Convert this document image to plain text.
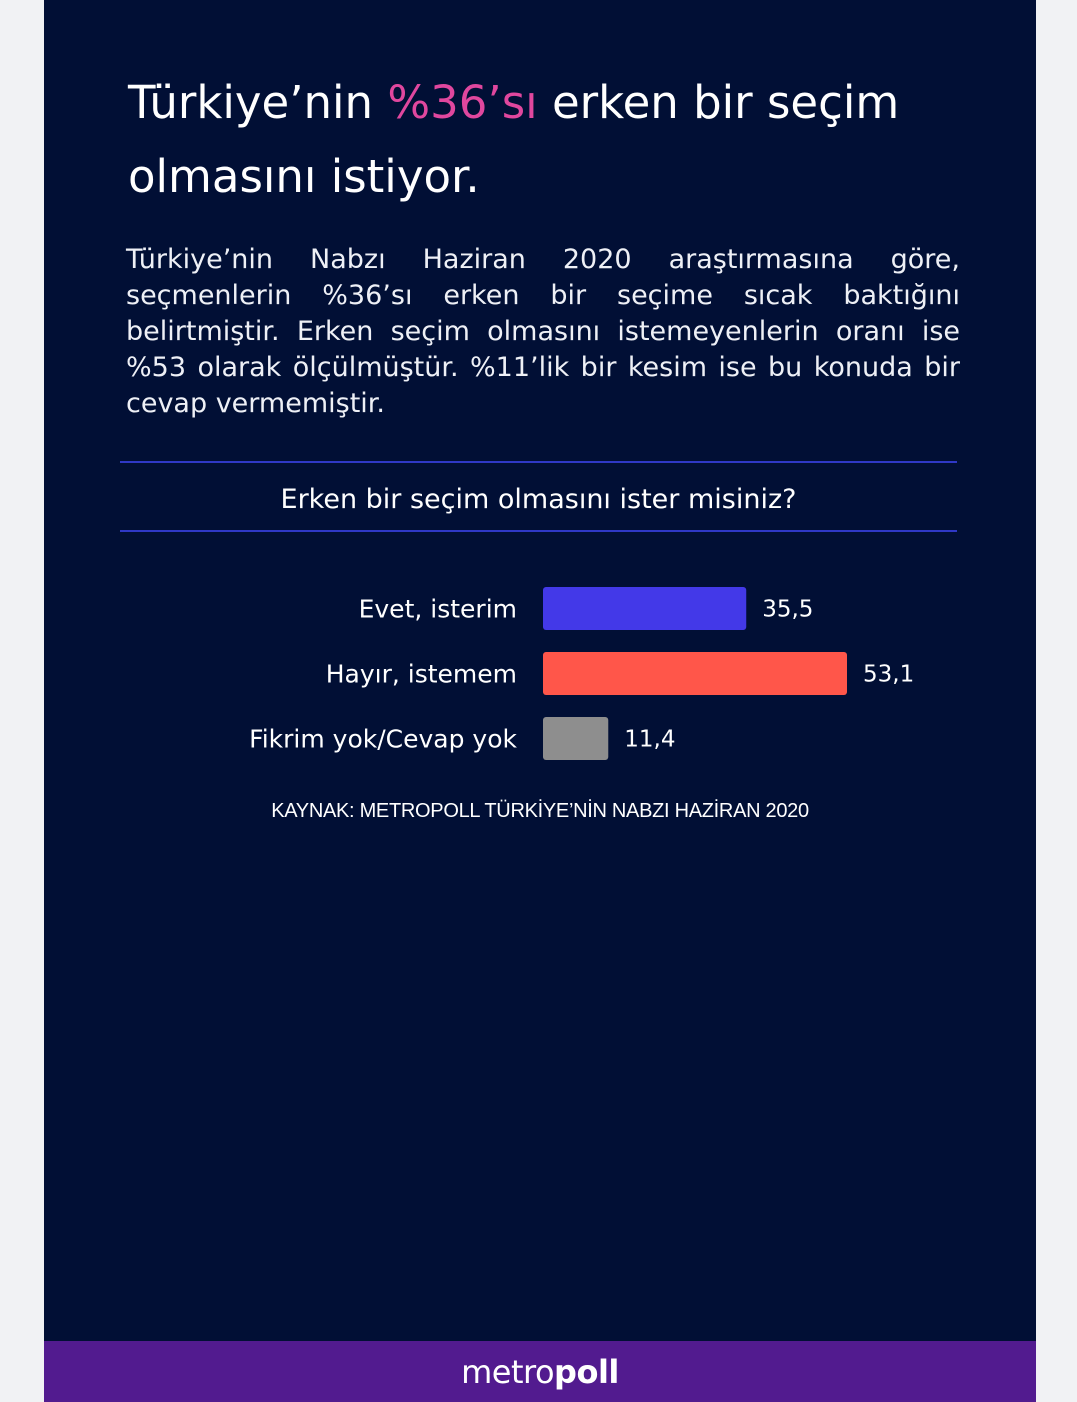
Türkiye’nin %36’sı erken bir seçim olmasını istiyor.

Türkiye’nin Nabzı Haziran 2020 araştırmasına göre, seçmenlerin %36’sı erken bir seçime sıcak baktığını belirtmiştir. Erken seçim olmasını istemeyenlerin oranı ise %53 olarak ölçülmüştür. %11’lik bir kesim ise bu konuda bir cevap vermemiştir.

Erken bir seçim olmasını ister misiniz?
Evet, isterim	35,5
Hayır, istemem	53,1
Fikrim yok/Cevap yok	11,4
metropoll
KAYNAK: METROPOLL TÜRKİYE’NİN NABZI HAZİRAN 2020
